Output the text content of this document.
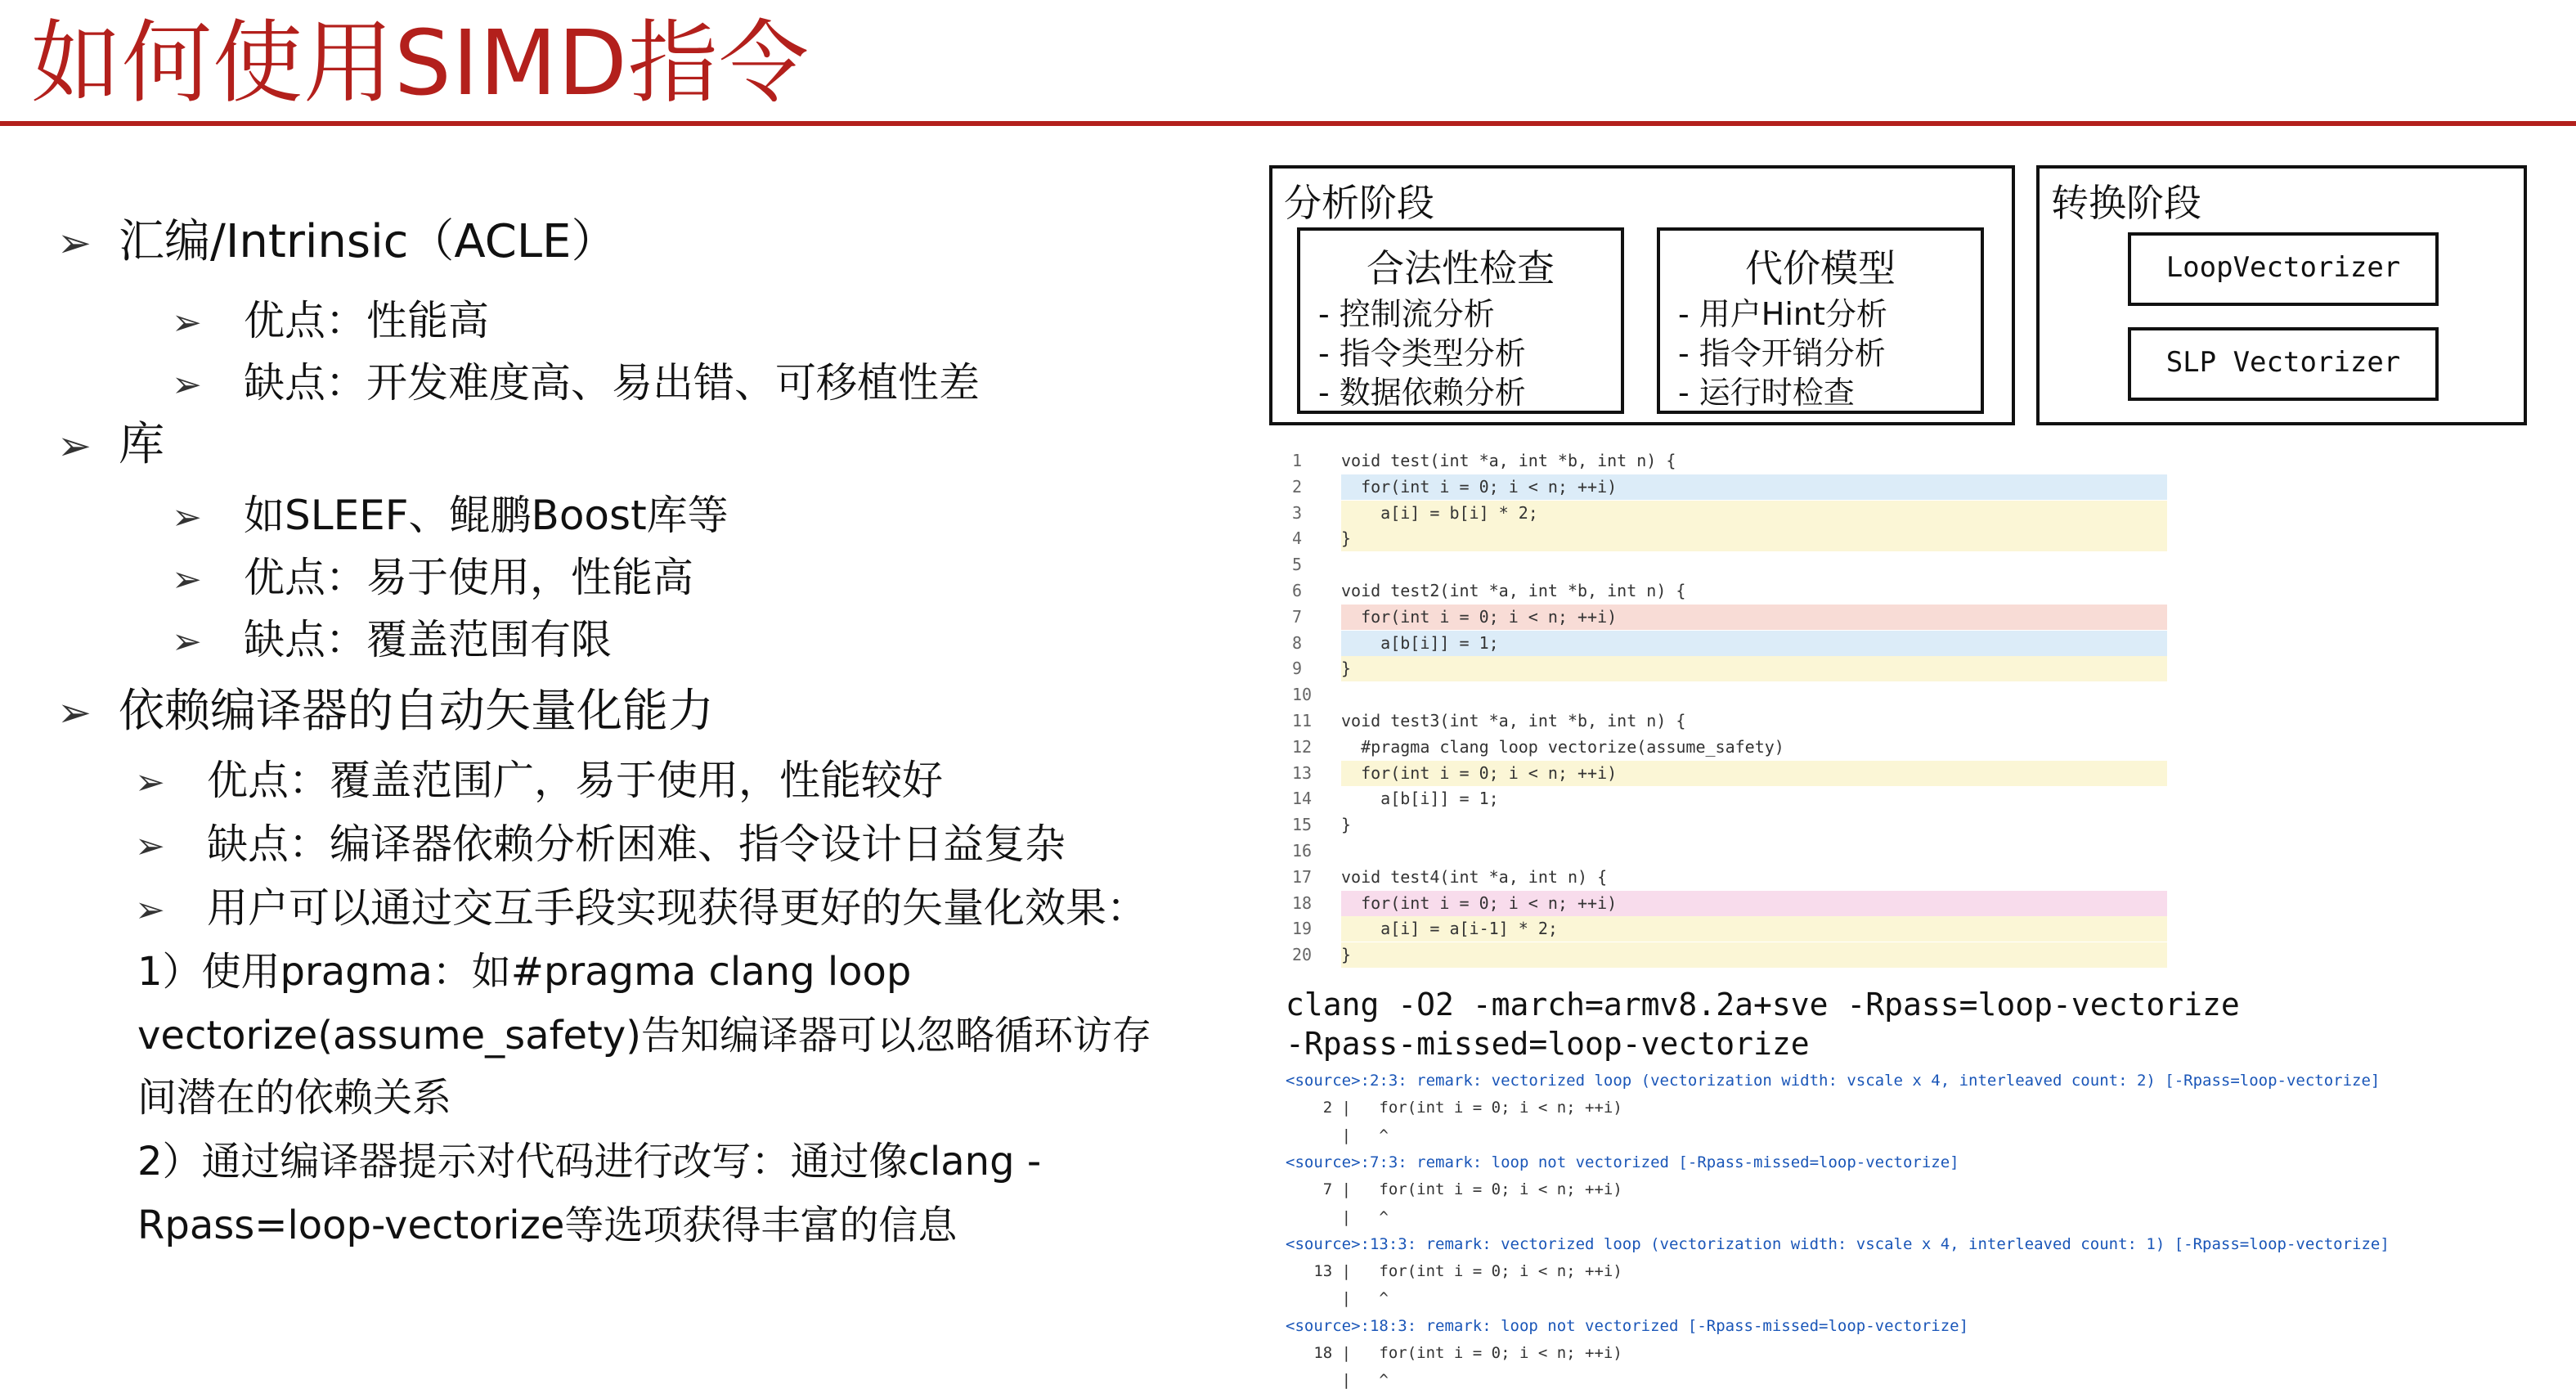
如何使用SIMD指令
➢ 汇编/Intrinsic（ACLE）
➢ 优点：性能高
➢ 缺点：开发难度高、易出错、可移植性差
➢ 库
➢ 如SLEEF、鲲鹏Boost库等
➢ 优点：易于使用，性能高
➢ 缺点：覆盖范围有限
➢ 依赖编译器的自动矢量化能力
➢ 优点：覆盖范围广，易于使用，性能较好
➢ 缺点：编译器依赖分析困难、指令设计日益复杂
➢ 用户可以通过交互手段实现获得更好的矢量化效果：
1）使用pragma：如#pragma clang loop
vectorize(assume_safety)告知编译器可以忽略循环访存
间潜在的依赖关系
2）通过编译器提示对代码进行改写：通过像clang -
Rpass=loop-vectorize等选项获得丰富的信息
分析阶段
合法性检查
- 控制流分析
- 指令类型分析
- 数据依赖分析
代价模型
- 用户Hint分析
- 指令开销分析
- 运行时检查
转换阶段
LoopVectorizer
SLP Vectorizer
1 void test(int *a, int *b, int n) {
2  for(int i = 0; i < n; ++i)
3    a[i] = b[i] * 2;
4 }
5
6 void test2(int *a, int *b, int n) {
7  for(int i = 0; i < n; ++i)
8    a[b[i]] = 1;
9 }
10
11 void test3(int *a, int *b, int n) {
12  #pragma clang loop vectorize(assume_safety)
13  for(int i = 0; i < n; ++i)
14    a[b[i]] = 1;
15 }
16
17 void test4(int *a, int n) {
18  for(int i = 0; i < n; ++i)
19    a[i] = a[i-1] * 2;
20 }
clang -O2 -march=armv8.2a+sve -Rpass=loop-vectorize
-Rpass-missed=loop-vectorize
<source>:2:3: remark: vectorized loop (vectorization width: vscale x 4, interleaved count: 2) [-Rpass=loop-vectorize]
2 |   for(int i = 0; i < n; ++i)
|   ^
<source>:7:3: remark: loop not vectorized [-Rpass-missed=loop-vectorize]
7 |   for(int i = 0; i < n; ++i)
|   ^
<source>:13:3: remark: vectorized loop (vectorization width: vscale x 4, interleaved count: 1) [-Rpass=loop-vectorize]
13 |   for(int i = 0; i < n; ++i)
|   ^
<source>:18:3: remark: loop not vectorized [-Rpass-missed=loop-vectorize]
18 |   for(int i = 0; i < n; ++i)
|   ^
